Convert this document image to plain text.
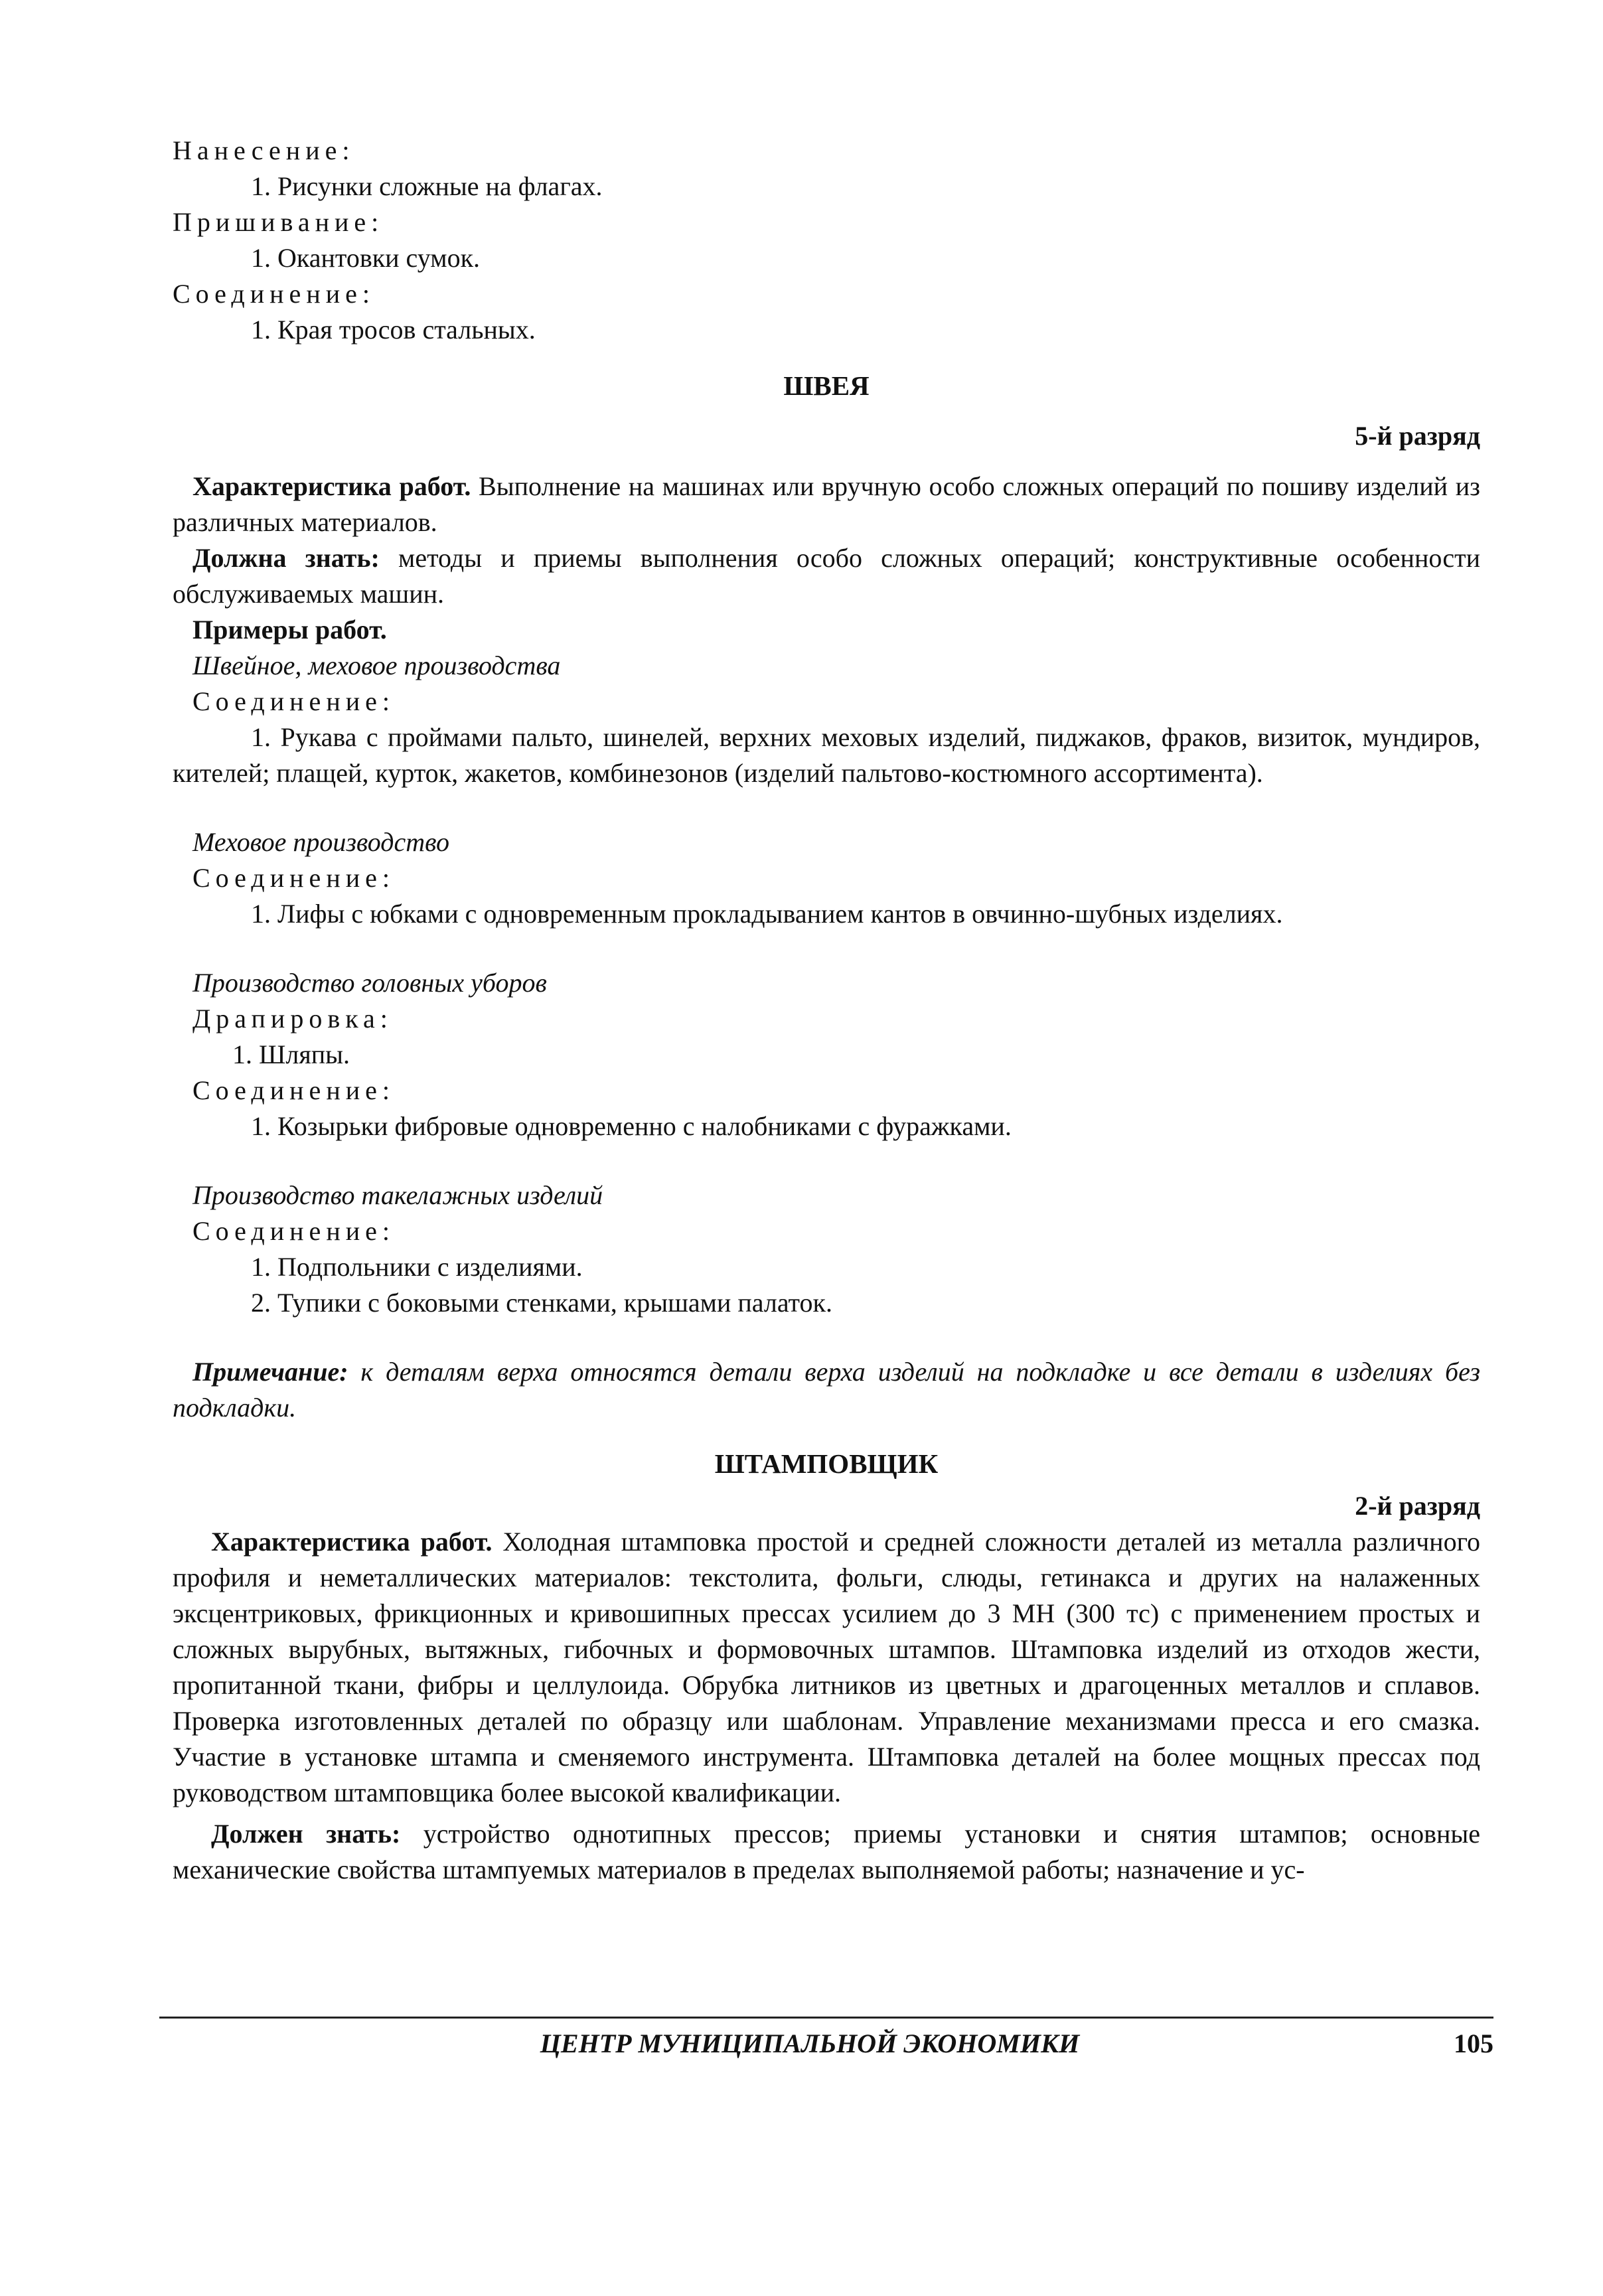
Нанесение:

1. Рисунки сложные на флагах.

Пришивание:

1. Окантовки сумок.

Соединение:

1. Края тросов стальных.

ШВЕЯ

5-й разряд

Характеристика работ. Выполнение на машинах или вручную особо сложных операций по пошиву изделий из различных материалов.

Должна знать: методы и приемы выполнения особо сложных операций; конструктивные особенности обслуживаемых машин.

Примеры работ.

Швейное, меховое производства

Соединение:

1. Рукава с проймами пальто, шинелей, верхних меховых изделий, пиджаков, фраков, визиток, мундиров, кителей; плащей, курток, жакетов, комбинезонов (изделий пальтово-костюмного ассортимента).

Меховое производство

Соединение:

1. Лифы с юбками с одновременным прокладыванием кантов в овчинно-шубных изделиях.

Производство головных уборов

Драпировка:

1. Шляпы.

Соединение:

1. Козырьки фибровые одновременно с налобниками с фуражками.

Производство такелажных изделий

Соединение:

1. Подпольники с изделиями.

2. Тупики с боковыми стенками, крышами палаток.

Примечание: к деталям верха относятся детали верха изделий на подкладке и все детали в изделиях без подкладки.

ШТАМПОВЩИК

2-й разряд

Характеристика работ. Холодная штамповка простой и средней сложности деталей из металла различного профиля и неметаллических материалов: текстолита, фольги, слюды, гетинакса и других на налаженных эксцентриковых, фрикционных и кривошипных прессах усилием до 3 МН (300 тс) с применением простых и сложных вырубных, вытяжных, гибочных и формовочных штампов. Штамповка изделий из отходов жести, пропитанной ткани, фибры и целлулоида. Обрубка литников из цветных и драгоценных металлов и сплавов. Проверка изготовленных деталей по образцу или шаблонам. Управление механизмами пресса и его смазка. Участие в установке штампа и сменяемого инструмента. Штамповка деталей на более мощных прессах под руководством штамповщика более высокой квалификации.

Должен знать: устройство однотипных прессов; приемы установки и снятия штампов; основные механические свойства штампуемых материалов в пределах выполняемой работы; назначение и ус-

ЦЕНТР МУНИЦИПАЛЬНОЙ ЭКОНОМИКИ	105
